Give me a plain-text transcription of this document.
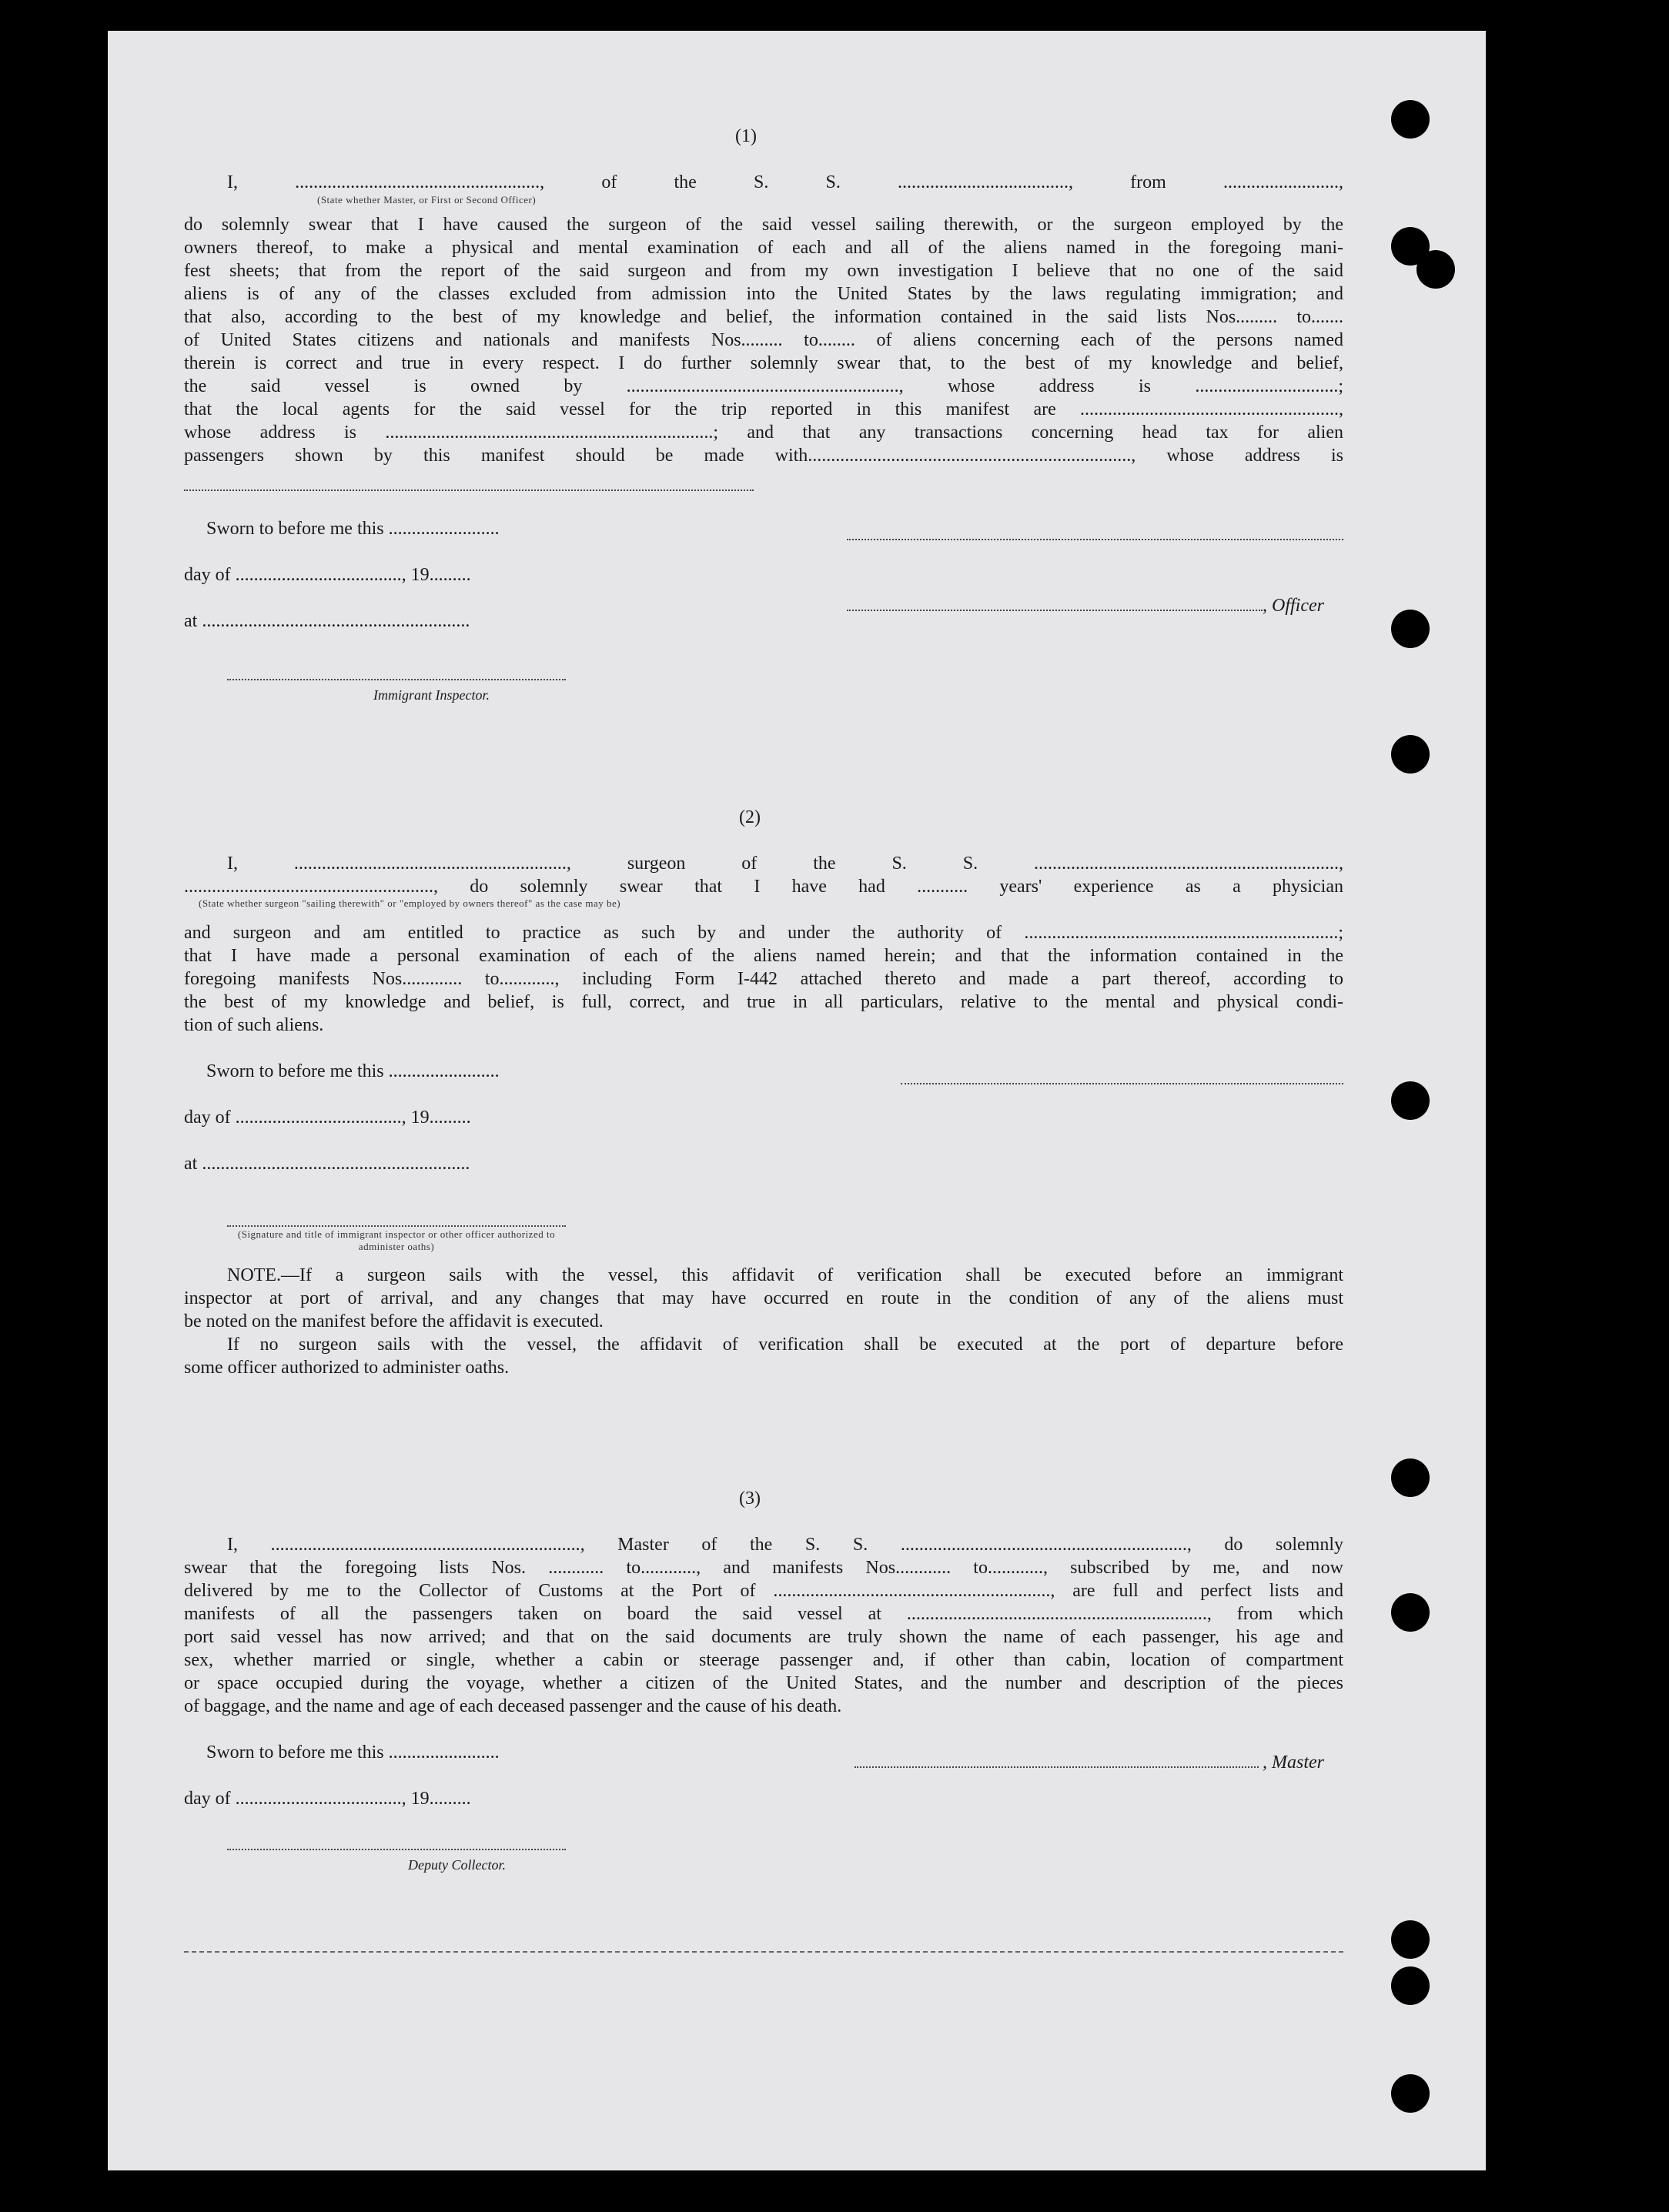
(1)
I, ....................................................., of the S. S. ....................................., from .........................,
(State whether Master, or First or Second Officer)
do solemnly swear that I have caused the surgeon of the said vessel sailing therewith, or the surgeon employed by the
owners thereof, to make a physical and mental examination of each and all of the aliens named in the foregoing mani-
fest sheets; that from the report of the said surgeon and from my own investigation I believe that no one of the said
aliens is of any of the classes excluded from admission into the United States by the laws regulating immigration; and
that also, according to the best of my knowledge and belief, the information contained in the said lists Nos......... to.......
of United States citizens and nationals and manifests Nos......... to........ of aliens concerning each of the persons named
therein is correct and true in every respect. I do further solemnly swear that, to the best of my knowledge and belief,
the said vessel is owned by ..........................................................., whose address is ...............................;
that the local agents for the said vessel for the trip reported in this manifest are ........................................................,
whose address is .......................................................................; and that any transactions concerning head tax for alien
passengers shown by this manifest should be made with......................................................................, whose address is
Sworn to before me this ........................
day of ...................................., 19.........
at ..........................................................
, Officer
Immigrant Inspector.
(2)
I, ..........................................................., surgeon of the S. S. ..................................................................,
......................................................, do solemnly swear that I have had ........... years' experience as a physician
(State whether surgeon "sailing therewith" or "employed by owners thereof" as the case may be)
and surgeon and am entitled to practice as such by and under the authority of ....................................................................;
that I have made a personal examination of each of the aliens named herein; and that the information contained in the
foregoing manifests Nos............. to............, including Form I-442 attached thereto and made a part thereof, according to
the best of my knowledge and belief, is full, correct, and true in all particulars, relative to the mental and physical condi-
tion of such aliens.
Sworn to before me this ........................
day of ...................................., 19.........
at ..........................................................
(Signature and title of immigrant inspector or other officer authorized to administer oaths)
NOTE.—If a surgeon sails with the vessel, this affidavit of verification shall be executed before an immigrant
inspector at port of arrival, and any changes that may have occurred en route in the condition of any of the aliens must
be noted on the manifest before the affidavit is executed.
If no surgeon sails with the vessel, the affidavit of verification shall be executed at the port of departure before
some officer authorized to administer oaths.
(3)
I, ..................................................................., Master of the S. S. .............................................................., do solemnly
swear that the foregoing lists Nos. ............ to............, and manifests Nos............ to............, subscribed by me, and now
delivered by me to the Collector of Customs at the Port of ............................................................, are full and perfect lists and
manifests of all the passengers taken on board the said vessel at ................................................................., from which
port said vessel has now arrived; and that on the said documents are truly shown the name of each passenger, his age and
sex, whether married or single, whether a cabin or steerage passenger and, if other than cabin, location of compartment
or space occupied during the voyage, whether a citizen of the United States, and the number and description of the pieces
of baggage, and the name and age of each deceased passenger and the cause of his death.
Sworn to before me this ........................	, Master
day of ...................................., 19.........
Deputy Collector.
